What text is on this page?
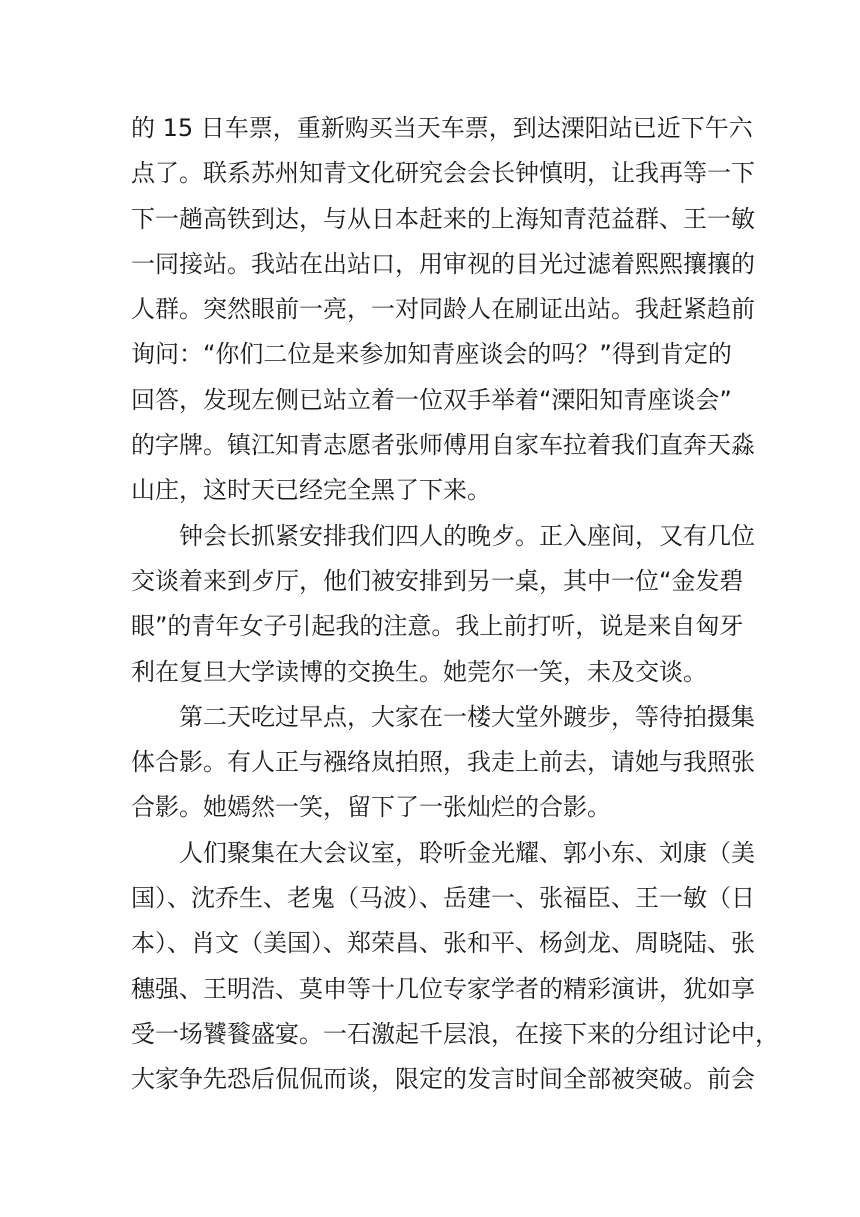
的 15 日车票，重新购买当天车票，到达溧阳站已近下午六
点了。联系苏州知青文化研究会会长钟慎明，让我再等一下
下一趟高铁到达，与从日本赶来的上海知青范益群、王一敏
一同接站。我站在出站口，用审视的目光过滤着熙熙攘攘的
人群。突然眼前一亮，一对同龄人在刷证出站。我赶紧趋前
询问：“你们二位是来参加知青座谈会的吗？”得到肯定的
回答，发现左侧已站立着一位双手举着“溧阳知青座谈会”
的字牌。镇江知青志愿者张师傅用自家车拉着我们直奔天淼
山庄，这时天已经完全黑了下来。
钟会长抓紧安排我们四人的晚歺。正入座间，又有几位
交谈着来到歺厅，他们被安排到另一桌，其中一位“金发碧
眼”的青年女子引起我的注意。我上前打听，说是来自匈牙
利在复旦大学读博的交换生。她莞尔一笑，未及交谈。
第二天吃过早点，大家在一楼大堂外踱步，等待拍摄集
体合影。有人正与襁络岚拍照，我走上前去，请她与我照张
合影。她嫣然一笑，留下了一张灿烂的合影。
人们聚集在大会议室，聆听金光耀、郭小东、刘康（美
国）、沈乔生、老鬼（马波）、岳建一、张福臣、王一敏（日
本）、肖文（美国）、郑荣昌、张和平、杨剑龙、周晓陆、张
穗强、王明浩、莫申等十几位专家学者的精彩演讲，犹如享
受一场饕餮盛宴。一石激起千层浪，在接下来的分组讨论中，
大家争先恐后侃侃而谈，限定的发言时间全部被突破。前会
